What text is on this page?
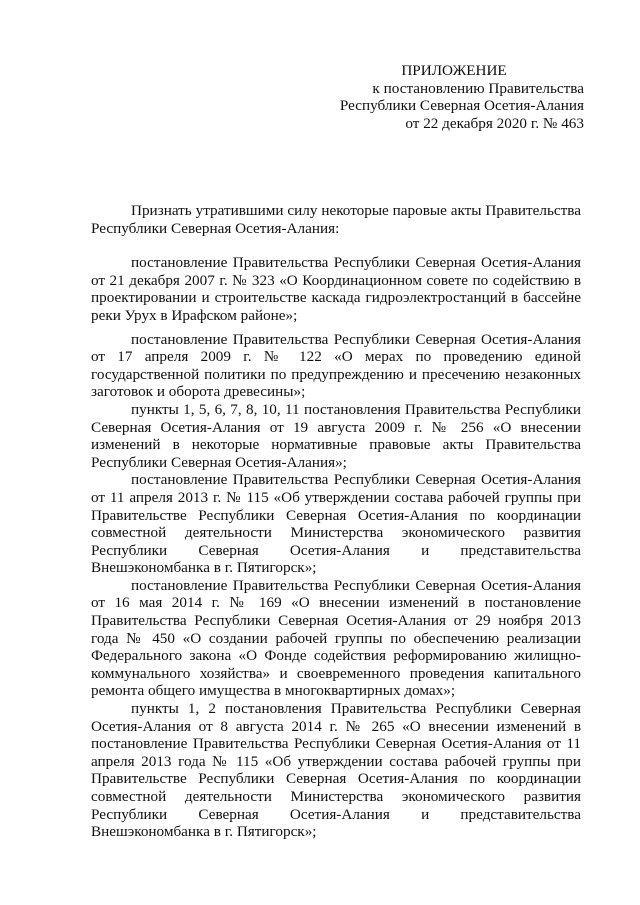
ПРИЛОЖЕНИЕ
к постановлению Правительства
Республики Северная Осетия-Алания
от 22 декабря 2020 г. № 463

Признать утратившими силу некоторые паровые акты Правительства Республики Северная Осетия-Алания:

постановление Правительства Республики Северная Осетия-Алания от 21 декабря 2007 г. № 323 «О Координационном совете по содействию в проектировании и строительстве каскада гидроэлектростанций в бассейне реки Урух в Ирафском районе»;

постановление Правительства Республики Северная Осетия-Алания от 17 апреля 2009 г. № 122 «О мерах по проведению единой государственной политики по предупреждению и пресечению незаконных заготовок и оборота древесины»;

пункты 1, 5, 6, 7, 8, 10, 11 постановления Правительства Республики Северная Осетия-Алания от 19 августа 2009 г. № 256 «О внесении изменений в некоторые нормативные правовые акты Правительства Республики Северная Осетия-Алания»;

постановление Правительства Республики Северная Осетия-Алания от 11 апреля 2013 г. № 115 «Об утверждении состава рабочей группы при Правительстве Республики Северная Осетия-Алания по координации совместной деятельности Министерства экономического развития Республики Северная Осетия-Алания и представительства Внешэкономбанка в г. Пятигорск»;

постановление Правительства Республики Северная Осетия-Алания от 16 мая 2014 г. № 169 «О внесении изменений в постановление Правительства Республики Северная Осетия-Алания от 29 ноября 2013 года № 450 «О создании рабочей группы по обеспечению реализации Федерального закона «О Фонде содействия реформированию жилищно-коммунального хозяйства» и своевременного проведения капитального ремонта общего имущества в многоквартирных домах»;

пункты 1, 2 постановления Правительства Республики Северная Осетия-Алания от 8 августа 2014 г. № 265 «О внесении изменений в постановление Правительства Республики Северная Осетия-Алания от 11 апреля 2013 года № 115 «Об утверждении состава рабочей группы при Правительстве Республики Северная Осетия-Алания по координации совместной деятельности Министерства экономического развития Республики Северная Осетия-Алания и представительства Внешэкономбанка в г. Пятигорск»;
